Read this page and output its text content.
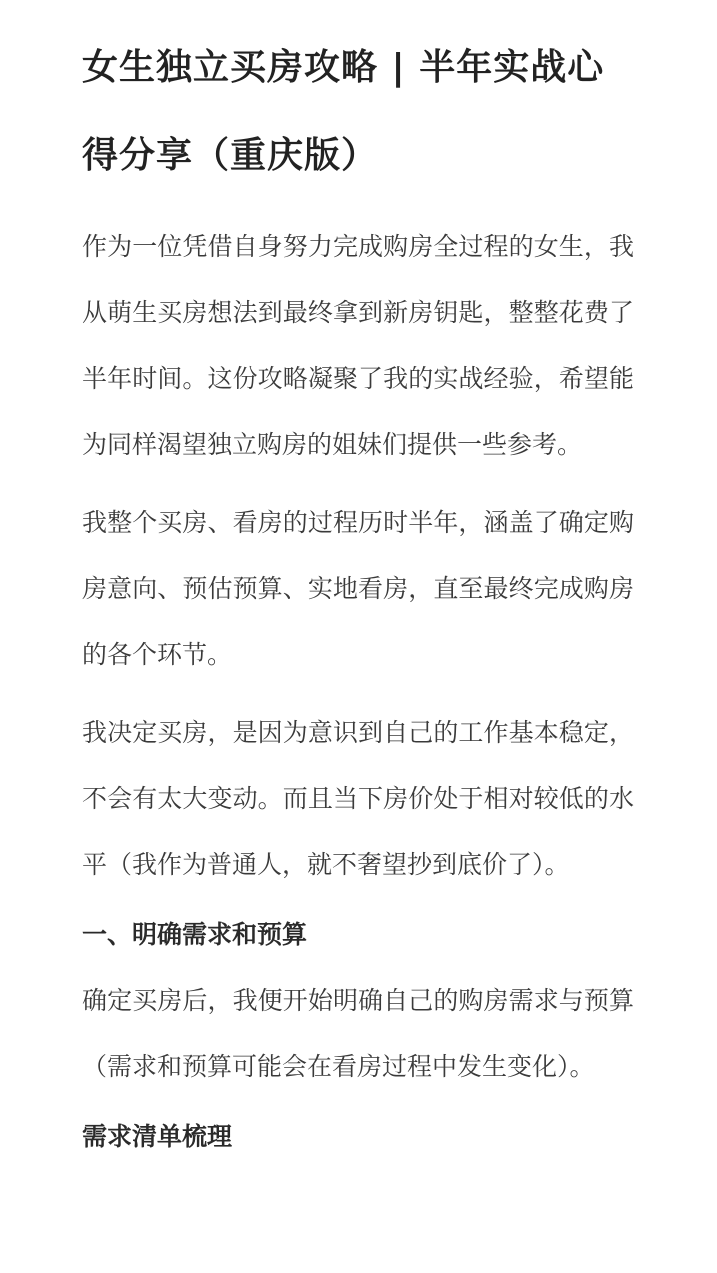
女生独立买房攻略 | 半年实战心得分享（重庆版）

作为一位凭借自身努力完成购房全过程的女生，我从萌生买房想法到最终拿到新房钥匙，整整花费了半年时间。这份攻略凝聚了我的实战经验，希望能为同样渴望独立购房的姐妹们提供一些参考。

我整个买房、看房的过程历时半年，涵盖了确定购房意向、预估预算、实地看房，直至最终完成购房的各个环节。

我决定买房，是因为意识到自己的工作基本稳定，不会有太大变动。而且当下房价处于相对较低的水平（我作为普通人，就不奢望抄到底价了）。

一、明确需求和预算

确定买房后，我便开始明确自己的购房需求与预算（需求和预算可能会在看房过程中发生变化）。

需求清单梳理
